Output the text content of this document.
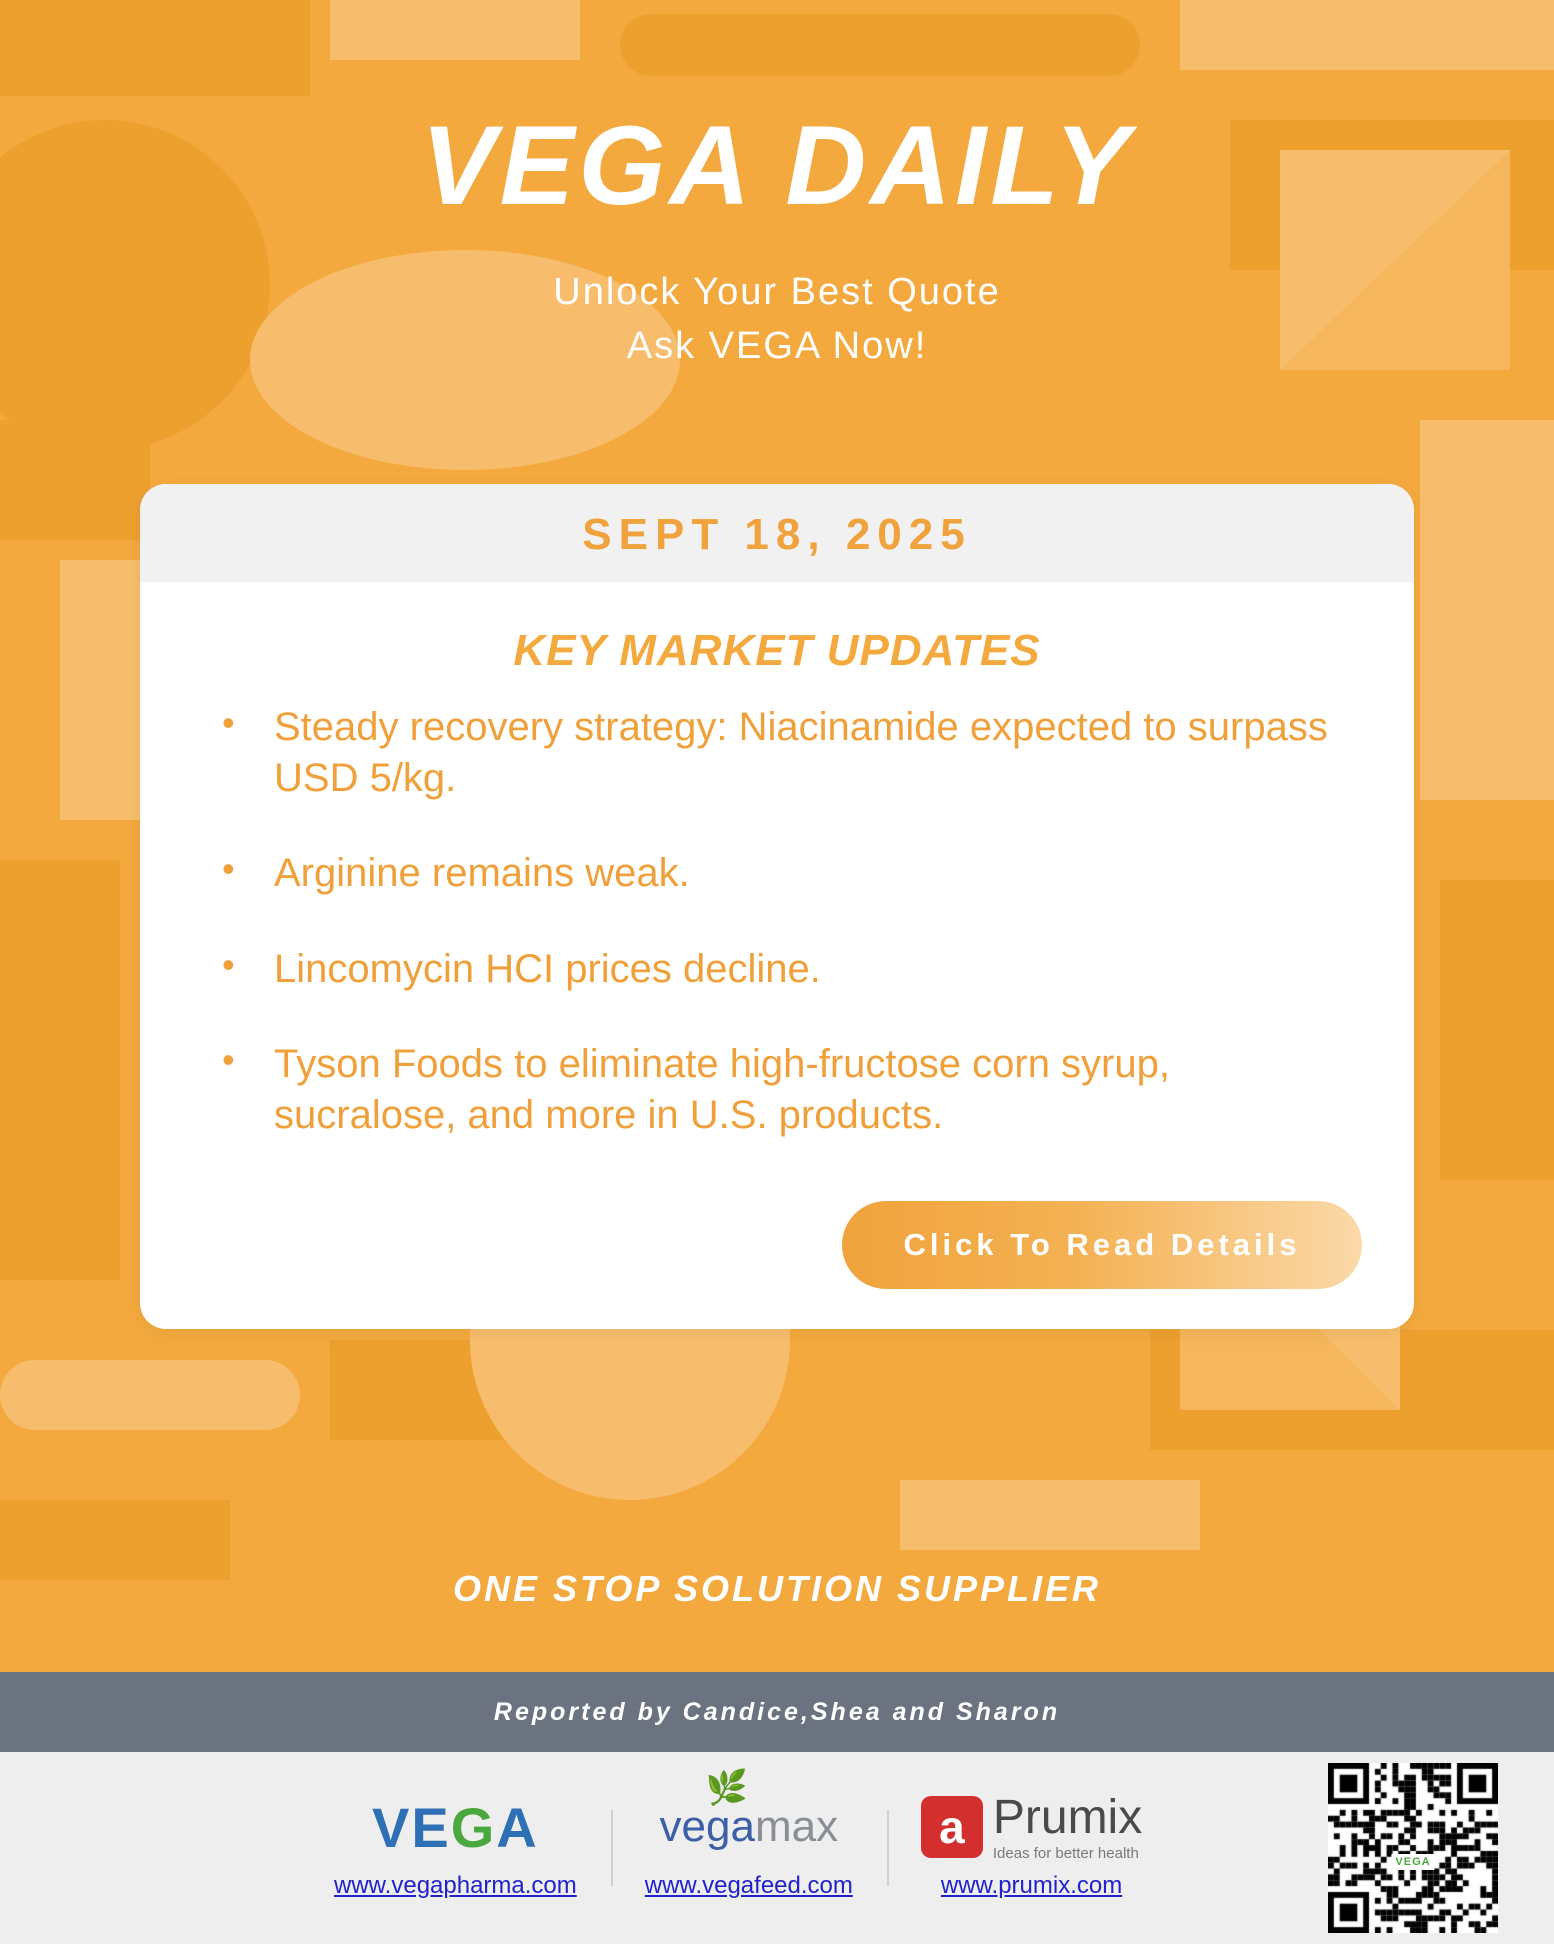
VEGA DAILY
Unlock Your Best Quote
Ask VEGA Now!
SEPT 18, 2025
KEY MARKET UPDATES
• Steady recovery strategy: Niacinamide expected to surpass USD 5/kg.
• Arginine remains weak.
• Lincomycin HCI prices decline.
• Tyson Foods to eliminate high-fructose corn syrup, sucralose, and more in U.S. products.
Click To Read Details
ONE STOP SOLUTION SUPPLIER
Reported by Candice,Shea and Sharon
VEGA
www.vegapharma.com
🌿
vegamax
www.vegafeed.com
a Prumix
Ideas for better health
www.prumix.com
VEGA
